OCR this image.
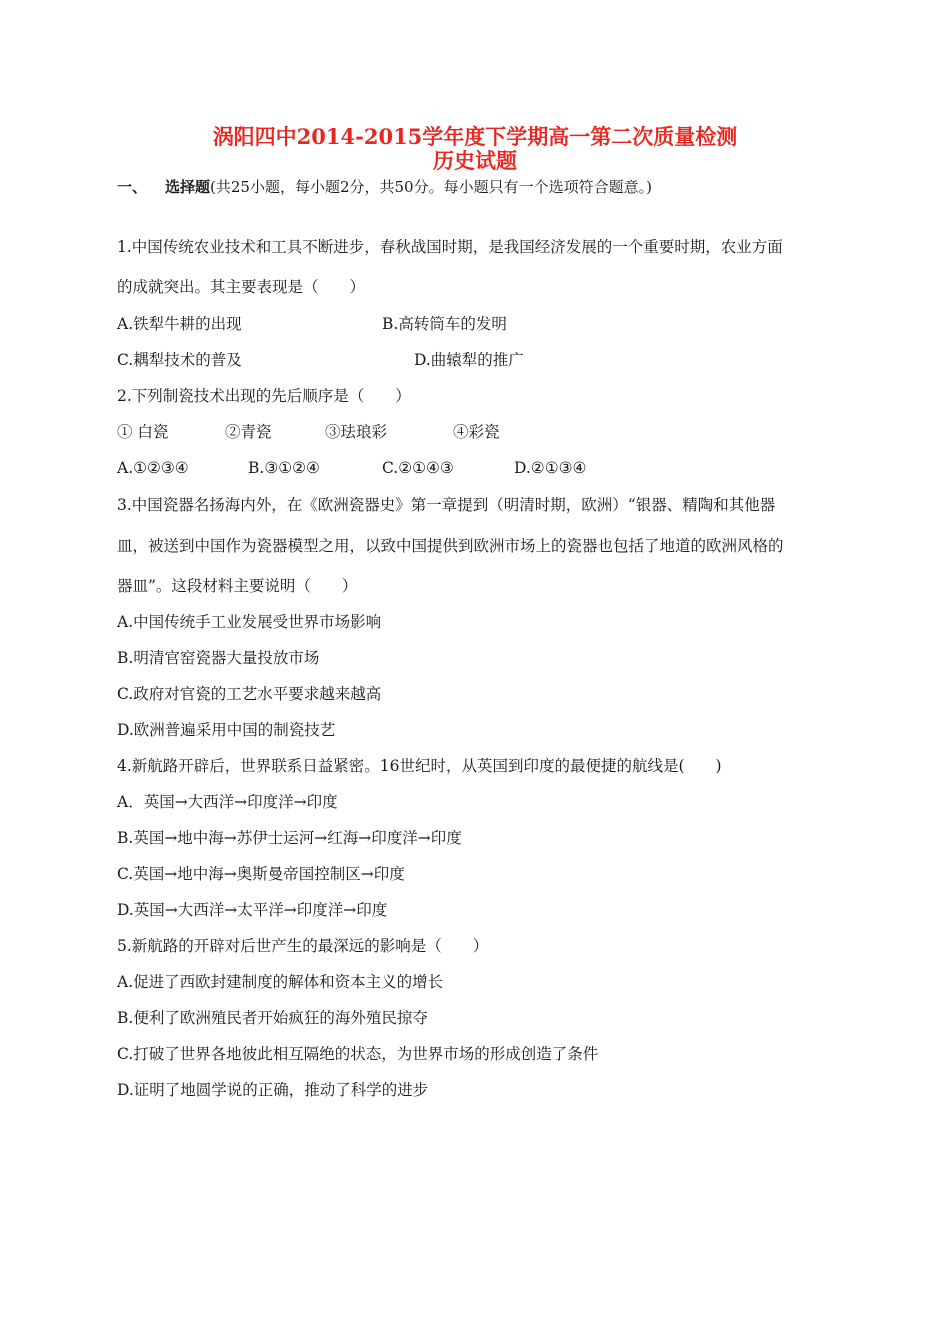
涡阳四中2014-2015学年度下学期高一第二次质量检测
历史试题
一、 选择题(共25小题，每小题2分，共50分。每小题只有一个选项符合题意。)
1.中国传统农业技术和工具不断进步，春秋战国时期，是我国经济发展的一个重要时期，农业方面
的成就突出。其主要表现是（　　）
A.铁犁牛耕的出现	B.高转筒车的发明
C.耦犁技术的普及	D.曲辕犁的推广
2.下列制瓷技术出现的先后顺序是（　　）
① 白瓷	②青瓷	③珐琅彩	④彩瓷
A.①②③④	B.③①②④	C.②①④③	D.②①③④
3.中国瓷器名扬海内外，在《欧洲瓷器史》第一章提到（明清时期，欧洲）“银器、精陶和其他器
皿，被送到中国作为瓷器模型之用，以致中国提供到欧洲市场上的瓷器也包括了地道的欧洲风格的
器皿”。这段材料主要说明（　　）
A.中国传统手工业发展受世界市场影响
B.明清官窑瓷器大量投放市场
C.政府对官瓷的工艺水平要求越来越高
D.欧洲普遍采用中国的制瓷技艺
4.新航路开辟后，世界联系日益紧密。16世纪时，从英国到印度的最便捷的航线是(　　)
A．英国→大西洋→印度洋→印度
B.英国→地中海→苏伊士运河→红海→印度洋→印度
C.英国→地中海→奥斯曼帝国控制区→印度
D.英国→大西洋→太平洋→印度洋→印度
5.新航路的开辟对后世产生的最深远的影响是（　　）
A.促进了西欧封建制度的解体和资本主义的增长
B.便利了欧洲殖民者开始疯狂的海外殖民掠夺
C.打破了世界各地彼此相互隔绝的状态，为世界市场的形成创造了条件
D.证明了地圆学说的正确，推动了科学的进步
